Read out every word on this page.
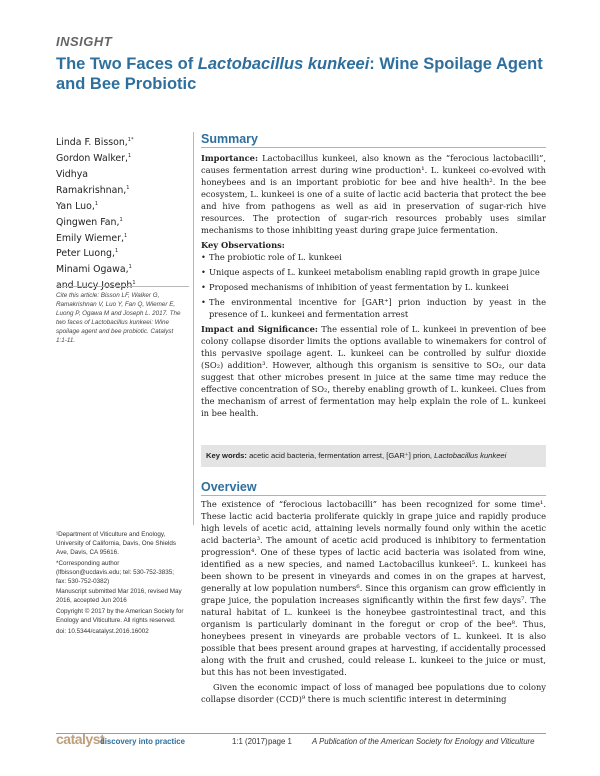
INSIGHT
The Two Faces of Lactobacillus kunkeei: Wine Spoilage Agent and Bee Probiotic
Linda F. Bisson,$^{1*}$
Gordon Walker,$^1$
Vidhya
Ramakrishnan,$^1$
Yan Luo,$^1$
Qingwen Fan,$^1$
Emily Wiemer,$^1$
Peter Luong,$^1$
Minami Ogawa,$^1$
and Lucy Joseph$^1$
Cite this article: Bisson LF, Walker G, Ramakrishnan V, Luo Y, Fan Q, Wiemer E, Luong P, Ogawa M and Joseph L. 2017. The two faces of Lactobacillus kunkeei: Wine spoilage agent and bee probiotic. Catalyst 1:1-11.

¹Department of Viticulture and Enology, University of California, Davis, One Shields Ave, Davis, CA 95616.

*Corresponding author (lfbisson@ucdavis.edu; tel: 530-752-3835; fax: 530-752-0382)

Manuscript submitted Mar 2016, revised May 2016, accepted Jun 2016

Copyright © 2017 by the American Society for Enology and Viticulture. All rights reserved.

doi: 10.5344/catalyst.2016.16002

Summary

Importance: Lactobacillus kunkeei, also known as the “ferocious lactobacilli”, causes fermentation arrest during wine production¹. L. kunkeei co-evolved with honeybees and is an important probiotic for bee and hive health². In the bee ecosystem, L. kunkeei is one of a suite of lactic acid bacteria that protect the bee and hive from pathogens as well as aid in preservation of sugar-rich hive resources. The protection of sugar-rich resources probably uses similar mechanisms to those inhibiting yeast during grape juice fermentation.

Key Observations:

• The probiotic role of L. kunkeei
• Unique aspects of L. kunkeei metabolism enabling rapid growth in grape juice
• Proposed mechanisms of inhibition of yeast fermentation by L. kunkeei
• The environmental incentive for [GAR⁺] prion induction by yeast in the presence of L. kunkeei and fermentation arrest

Impact and Significance: The essential role of L. kunkeei in prevention of bee colony collapse disorder limits the options available to winemakers for control of this pervasive spoilage agent. L. kunkeei can be controlled by sulfur dioxide (SO₂) addition³. However, although this organism is sensitive to SO₂, our data suggest that other microbes present in juice at the same time may reduce the effective concentration of SO₂, thereby enabling growth of L. kunkeei. Clues from the mechanism of arrest of fermentation may help explain the role of L. kunkeei in bee health.

Key words: acetic acid bacteria, fermentation arrest, [GAR⁺] prion, Lactobacillus kunkeei
Overview

The existence of “ferocious lactobacilli” has been recognized for some time¹. These lactic acid bacteria proliferate quickly in grape juice and rapidly produce high levels of acetic acid, attaining levels normally found only within the acetic acid bacteria³. The amount of acetic acid produced is inhibitory to fermentation progression⁴. One of these types of lactic acid bacteria was isolated from wine, identified as a new species, and named Lactobacillus kunkeei⁵. L. kunkeei has been shown to be present in vineyards and comes in on the grapes at harvest, generally at low population numbers⁶. Since this organism can grow efficiently in grape juice, the population increases significantly within the first few days⁷. The natural habitat of L. kunkeei is the honeybee gastrointestinal tract, and this organism is particularly dominant in the foregut or crop of the bee⁸. Thus, honeybees present in vineyards are probable vectors of L. kunkeei. It is also possible that bees present around grapes at harvesting, if accidentally processed along with the fruit and crushed, could release L. kunkeei to the juice or must, but this has not been investigated.

Given the economic impact of loss of managed bee populations due to colony collapse disorder (CCD)⁹ there is much scientific interest in determining

catalyst
discovery into practice	1:1 (2017) page 1	A Publication of the American Society for Enology and Viticulture
